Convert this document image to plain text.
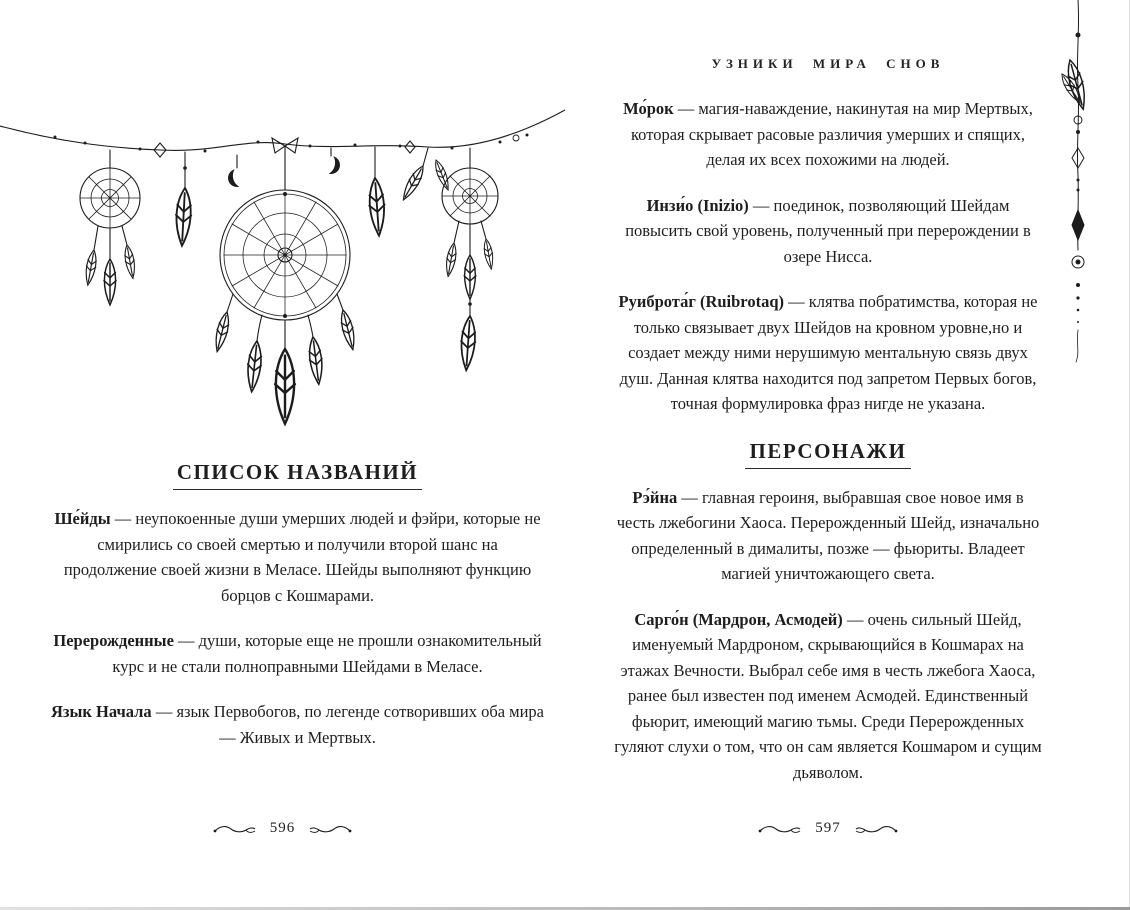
СПИСОК НАЗВАНИЙ

Ше́йды — неупокоенные души умерших людей и фэйри, которые не смирились со своей смертью и получили второй шанс на продолжение своей жизни в Меласе. Шейды выполняют функцию борцов с Кошмарами.

Перерожденные — души, которые еще не прошли ознакомительный курс и не стали полноправными Шейдами в Меласе.

Язык Начала — язык Первобогов, по легенде сотворивших оба мира — Живых и Мертвых.

УЗНИКИ МИРА СНОВ

Мо́рок — магия-наваждение, накинутая на мир Мертвых, которая скрывает расовые различия умерших и спящих, делая их всех похожими на людей.

Инзи́о (Inizio) — поединок, позволяющий Шейдам повысить свой уровень, полученный при перерождении в озере Нисса.

Руиброта́г (Ruibrotaq) — клятва побратимства, которая не только связывает двух Шейдов на кровном уровне,но и создает между ними нерушимую ментальную связь двух душ. Данная клятва находится под запретом Первых богов, точная формулировка фраз нигде не указана.

ПЕРСОНАЖИ

Рэ́йна — главная героиня, выбравшая свое новое имя в честь лжебогини Хаоса. Перерожденный Шейд, изначально определенный в дималиты, позже — фьюриты. Владеет магией уничтожающего света.

Сарго́н (Мардрон, Асмодей) — очень сильный Шейд, именуемый Мардроном, скрывающийся в Кошмарах на этажах Вечности. Выбрал себе имя в честь лжебога Хаоса, ранее был известен под именем Асмодей. Единственный фьюрит, имеющий магию тьмы. Среди Перерожденных гуляют слухи о том, что он сам является Кошмаром и сущим дьяволом.

596	597
